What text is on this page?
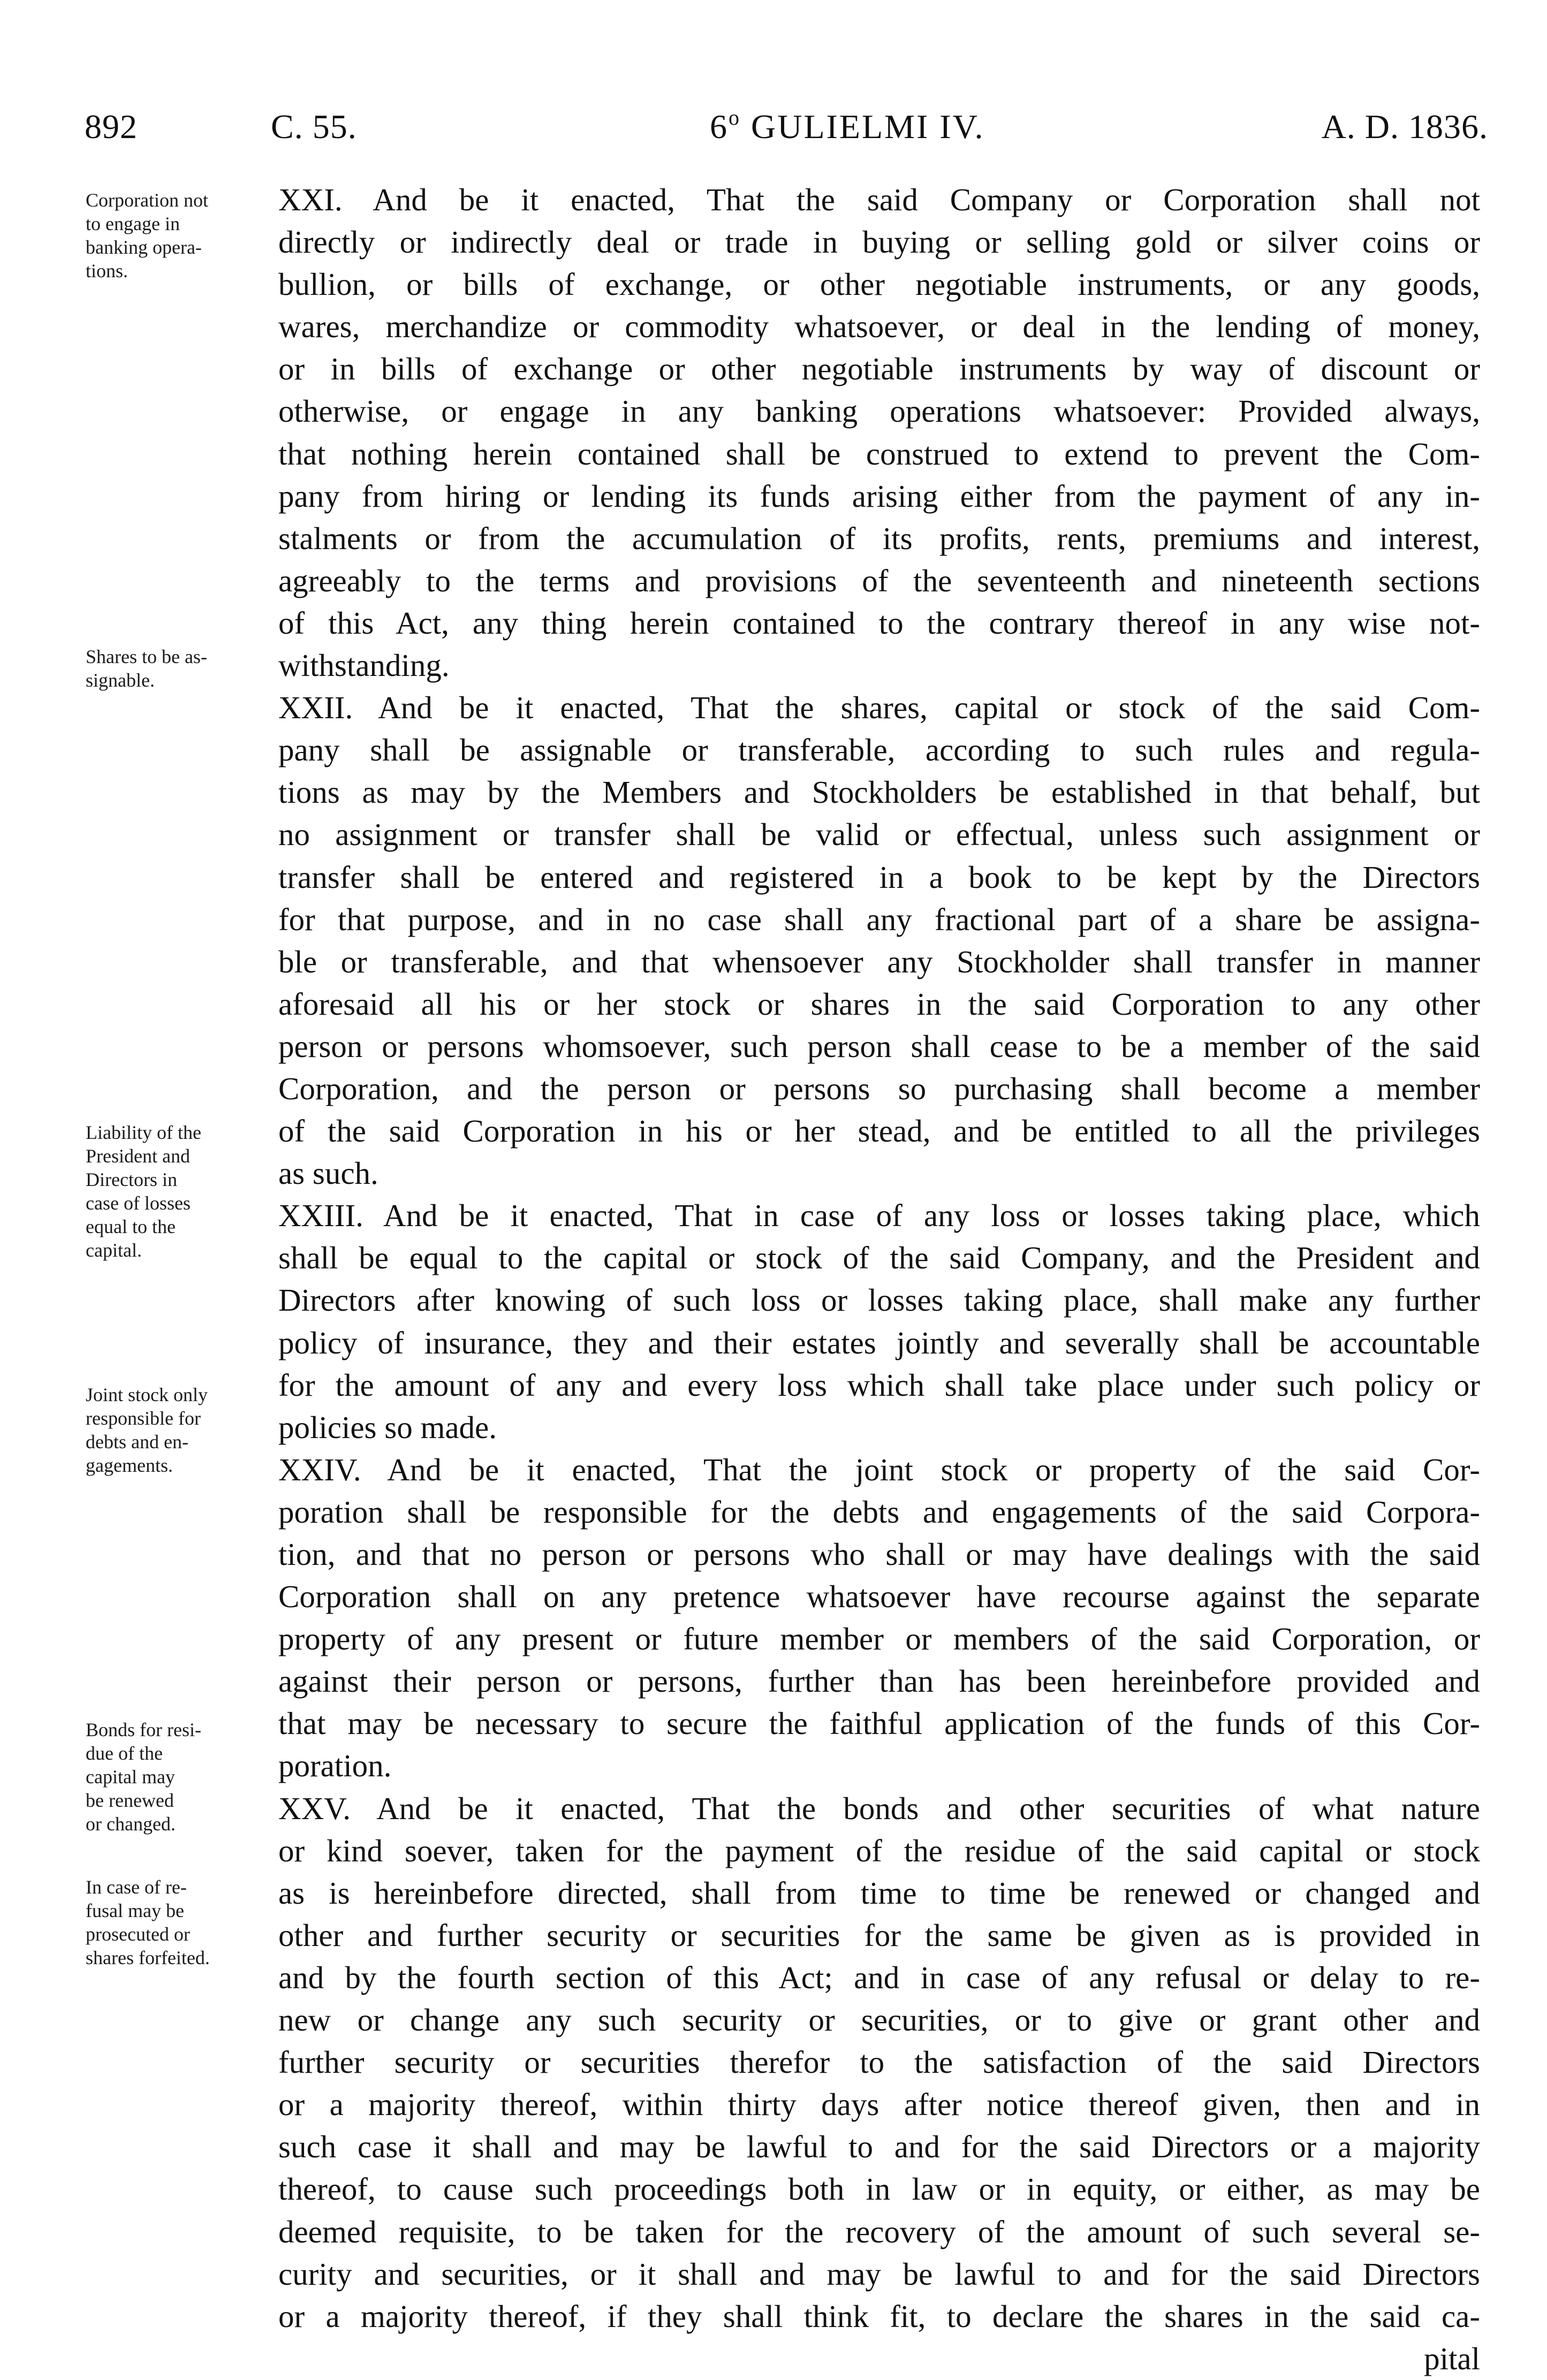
892	C. 55.	6$^o$ GULIELMI IV.	A. D. 1836.
Corporation not
to engage in
banking opera-
tions.
Shares to be as-
signable.
Liability of the
President and
Directors in
case of losses
equal to the
capital.
Joint stock only
responsible for
debts and en-
gagements.
Bonds for resi-
due of the
capital may
be renewed
or changed.
In case of re-
fusal may be
prosecuted or
shares forfeited.
XXI. And be it enacted, That the said Company or Corporation shall not
directly or indirectly deal or trade in buying or selling gold or silver coins or
bullion, or bills of exchange, or other negotiable instruments, or any goods,
wares, merchandize or commodity whatsoever, or deal in the lending of money,
or in bills of exchange or other negotiable instruments by way of discount or
otherwise, or engage in any banking operations whatsoever: Provided always,
that nothing herein contained shall be construed to extend to prevent the Com-
pany from hiring or lending its funds arising either from the payment of any in-
stalments or from the accumulation of its profits, rents, premiums and interest,
agreeably to the terms and provisions of the seventeenth and nineteenth sections
of this Act, any thing herein contained to the contrary thereof in any wise not-
withstanding.
XXII. And be it enacted, That the shares, capital or stock of the said Com-
pany shall be assignable or transferable, according to such rules and regula-
tions as may by the Members and Stockholders be established in that behalf, but
no assignment or transfer shall be valid or effectual, unless such assignment or
transfer shall be entered and registered in a book to be kept by the Directors
for that purpose, and in no case shall any fractional part of a share be assigna-
ble or transferable, and that whensoever any Stockholder shall transfer in manner
aforesaid all his or her stock or shares in the said Corporation to any other
person or persons whomsoever, such person shall cease to be a member of the said
Corporation, and the person or persons so purchasing shall become a member
of the said Corporation in his or her stead, and be entitled to all the privileges
as such.
XXIII. And be it enacted, That in case of any loss or losses taking place, which
shall be equal to the capital or stock of the said Company, and the President and
Directors after knowing of such loss or losses taking place, shall make any further
policy of insurance, they and their estates jointly and severally shall be accountable
for the amount of any and every loss which shall take place under such policy or
policies so made.
XXIV. And be it enacted, That the joint stock or property of the said Cor-
poration shall be responsible for the debts and engagements of the said Corpora-
tion, and that no person or persons who shall or may have dealings with the said
Corporation shall on any pretence whatsoever have recourse against the separate
property of any present or future member or members of the said Corporation, or
against their person or persons, further than has been hereinbefore provided and
that may be necessary to secure the faithful application of the funds of this Cor-
poration.
XXV. And be it enacted, That the bonds and other securities of what nature
or kind soever, taken for the payment of the residue of the said capital or stock
as is hereinbefore directed, shall from time to time be renewed or changed and
other and further security or securities for the same be given as is provided in
and by the fourth section of this Act; and in case of any refusal or delay to re-
new or change any such security or securities, or to give or grant other and
further security or securities therefor to the satisfaction of the said Directors
or a majority thereof, within thirty days after notice thereof given, then and in
such case it shall and may be lawful to and for the said Directors or a majority
thereof, to cause such proceedings both in law or in equity, or either, as may be
deemed requisite, to be taken for the recovery of the amount of such several se-
curity and securities, or it shall and may be lawful to and for the said Directors
or a majority thereof, if they shall think fit, to declare the shares in the said ca-
pital
